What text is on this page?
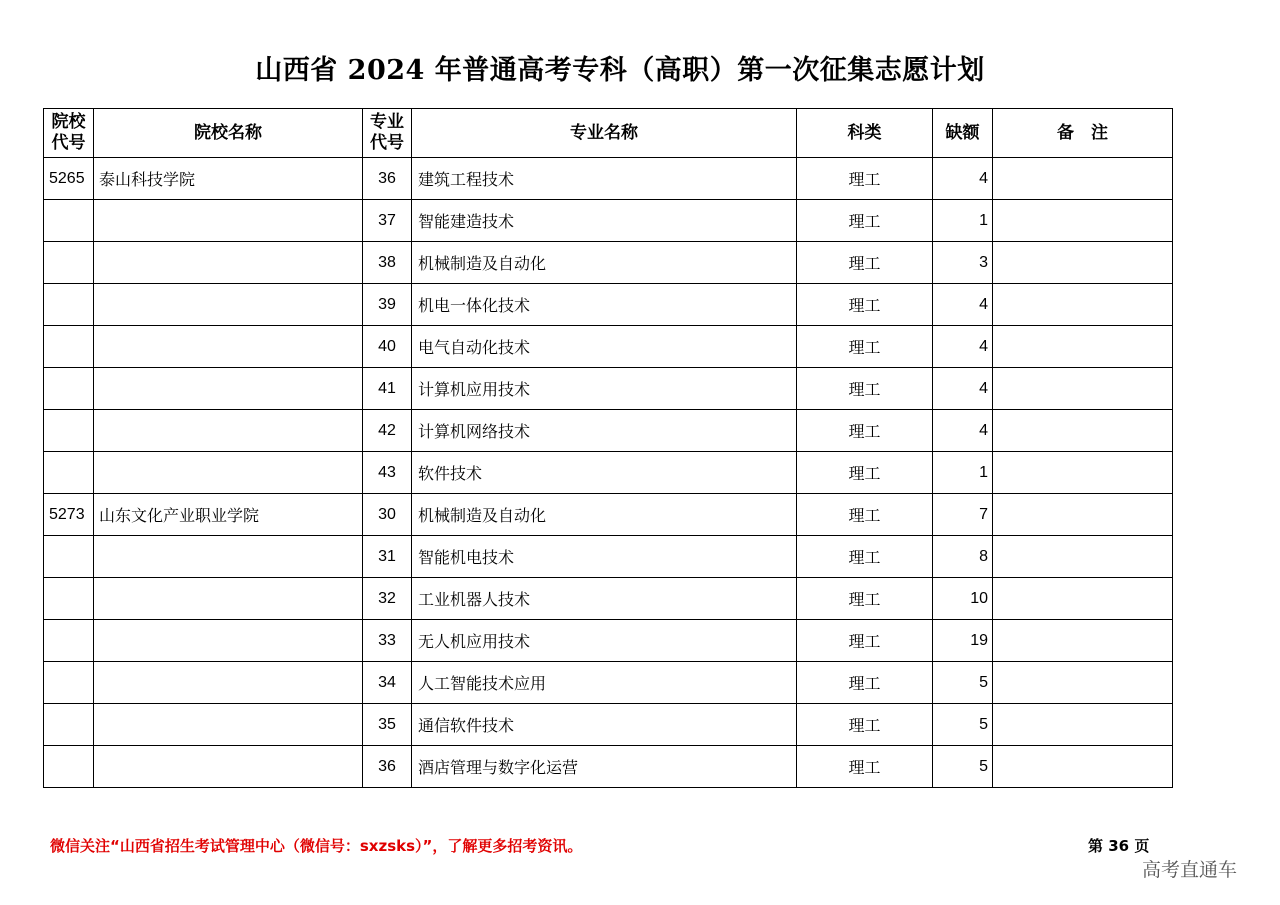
山西省 2024 年普通高考专科（高职）第一次征集志愿计划
院校代号	院校名称	专业代号	专业名称	科类	缺额	备　注
5265	泰山科技学院	36	建筑工程技术	理工	4	
		37	智能建造技术	理工	1	
		38	机械制造及自动化	理工	3	
		39	机电一体化技术	理工	4	
		40	电气自动化技术	理工	4	
		41	计算机应用技术	理工	4	
		42	计算机网络技术	理工	4	
		43	软件技术	理工	1	
5273	山东文化产业职业学院	30	机械制造及自动化	理工	7	
		31	智能机电技术	理工	8	
		32	工业机器人技术	理工	10	
		33	无人机应用技术	理工	19	
		34	人工智能技术应用	理工	5	
		35	通信软件技术	理工	5	
		36	酒店管理与数字化运营	理工	5	
微信关注“山西省招生考试管理中心（微信号：sxzsks）”，了解更多招考资讯。	第 36 页
高考直通车
